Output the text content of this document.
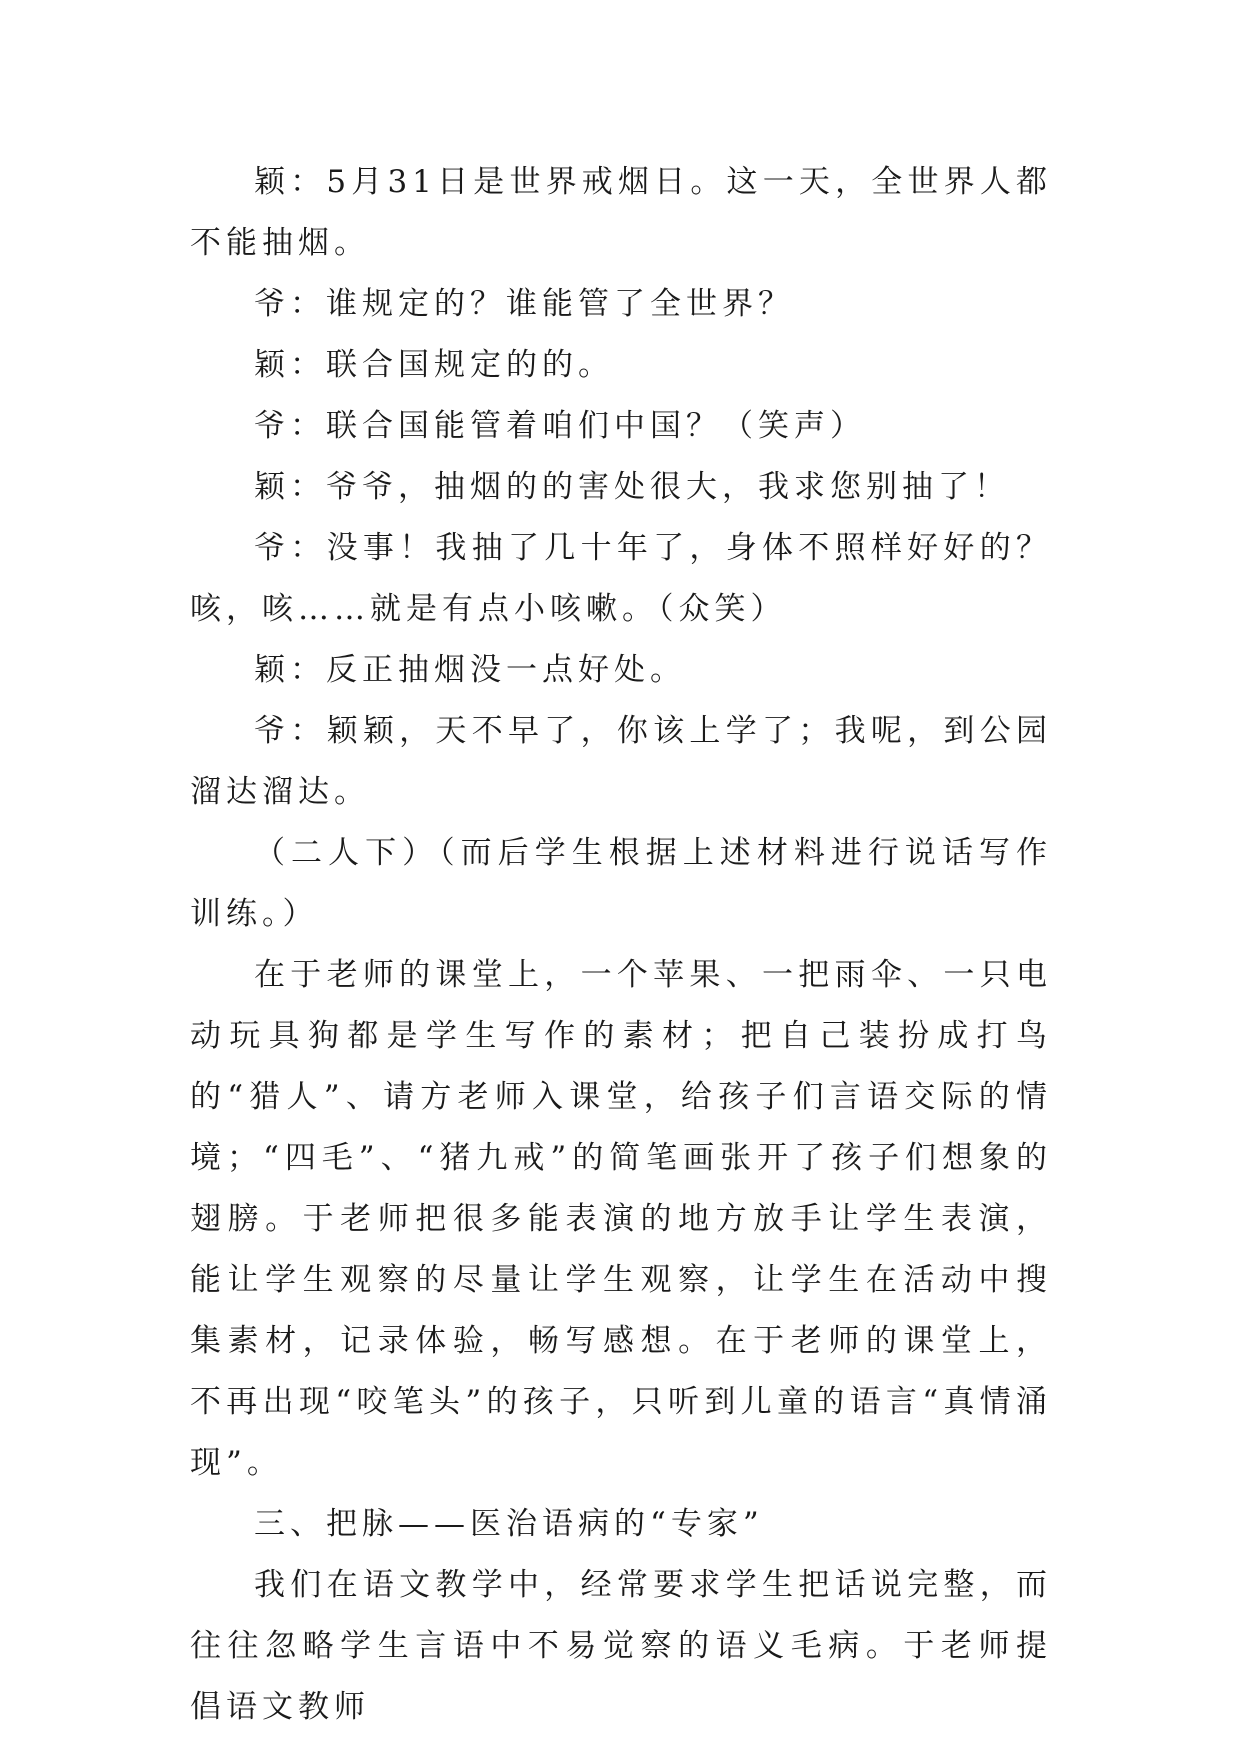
颖：5月31日是世界戒烟日。这一天，全世界人都不能抽烟。

爷：谁规定的？谁能管了全世界？

颖：联合国规定的的。

爷：联合国能管着咱们中国？（笑声）

颖：爷爷，抽烟的的害处很大，我求您别抽了！

爷：没事！我抽了几十年了，身体不照样好好的？咳，咳……就是有点小咳嗽。（众笑）

颖：反正抽烟没一点好处。

爷：颖颖，天不早了，你该上学了；我呢，到公园溜达溜达。

（二人下）（而后学生根据上述材料进行说话写作训练。）

在于老师的课堂上，一个苹果、一把雨伞、一只电动玩具狗都是学生写作的素材；把自己装扮成打鸟的“猎人”、请方老师入课堂，给孩子们言语交际的情境；“四毛”、“猪九戒”的简笔画张开了孩子们想象的翅膀。于老师把很多能表演的地方放手让学生表演，能让学生观察的尽量让学生观察，让学生在活动中搜集素材，记录体验，畅写感想。在于老师的课堂上，不再出现“咬笔头”的孩子，只听到儿童的语言“真情涌现”。

三、把脉——医治语病的“专家”

我们在语文教学中，经常要求学生把话说完整，而往往忽略学生言语中不易觉察的语义毛病。于老师提倡语文教师
